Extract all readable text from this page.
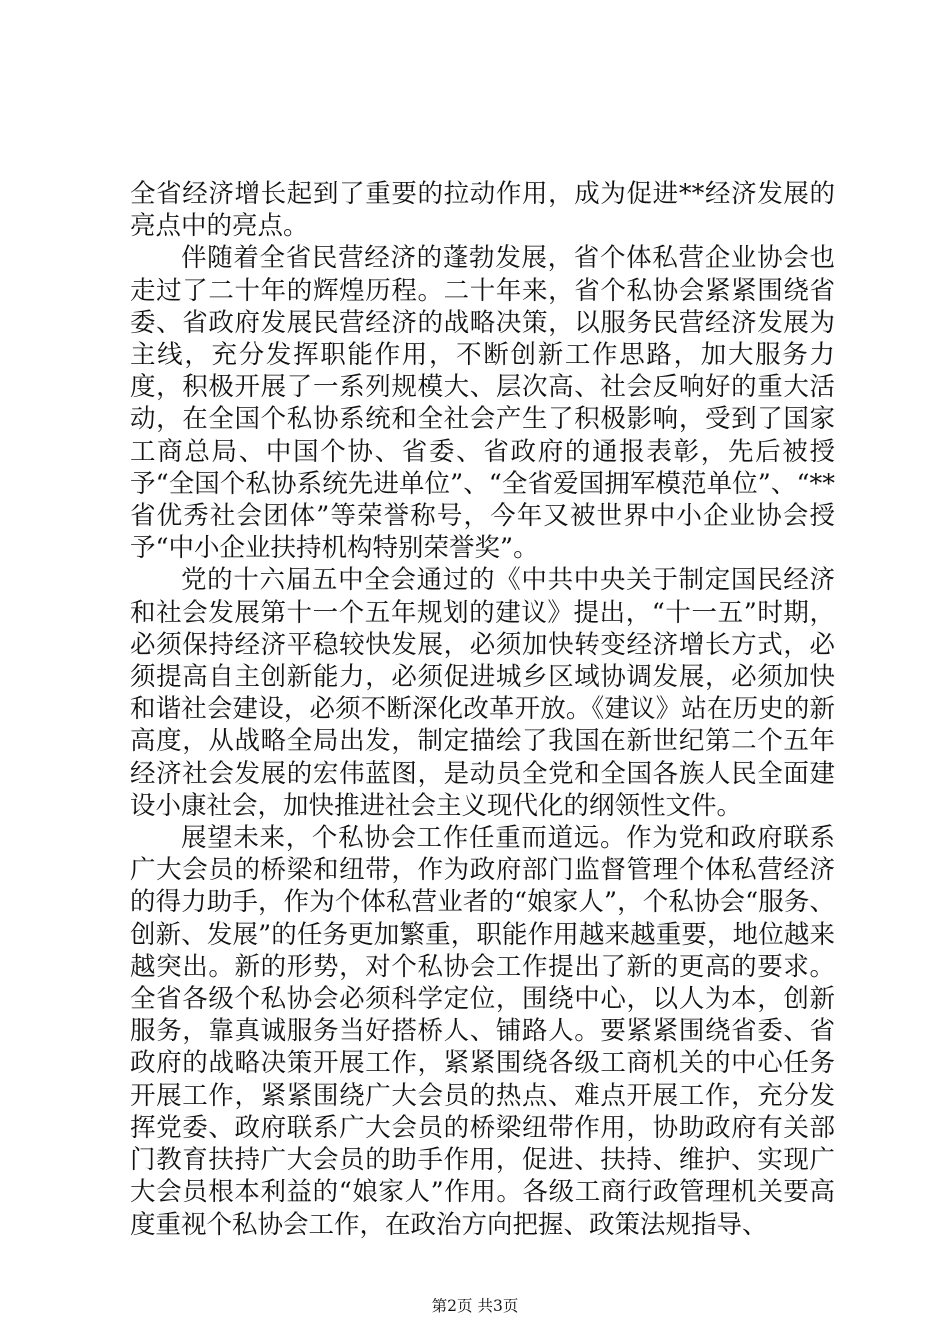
全省经济增长起到了重要的拉动作用，成为促进**经济发展的亮点中的亮点。

伴随着全省民营经济的蓬勃发展，省个体私营企业协会也走过了二十年的辉煌历程。二十年来，省个私协会紧紧围绕省委、省政府发展民营经济的战略决策，以服务民营经济发展为主线，充分发挥职能作用，不断创新工作思路，加大服务力度，积极开展了一系列规模大、层次高、社会反响好的重大活动，在全国个私协系统和全社会产生了积极影响，受到了国家工商总局、中国个协、省委、省政府的通报表彰，先后被授予“全国个私协系统先进单位”、“全省爱国拥军模范单位”、“**省优秀社会团体”等荣誉称号，今年又被世界中小企业协会授予“中小企业扶持机构特别荣誉奖”。

党的十六届五中全会通过的《中共中央关于制定国民经济和社会发展第十一个五年规划的建议》提出，“十一五”时期，必须保持经济平稳较快发展，必须加快转变经济增长方式，必须提高自主创新能力，必须促进城乡区域协调发展，必须加快和谐社会建设，必须不断深化改革开放。《建议》站在历史的新高度，从战略全局出发，制定描绘了我国在新世纪第二个五年经济社会发展的宏伟蓝图，是动员全党和全国各族人民全面建设小康社会，加快推进社会主义现代化的纲领性文件。

展望未来，个私协会工作任重而道远。作为党和政府联系广大会员的桥梁和纽带，作为政府部门监督管理个体私营经济的得力助手，作为个体私营业者的“娘家人”，个私协会“服务、创新、发展”的任务更加繁重，职能作用越来越重要，地位越来越突出。新的形势，对个私协会工作提出了新的更高的要求。全省各级个私协会必须科学定位，围绕中心，以人为本，创新服务，靠真诚服务当好搭桥人、铺路人。要紧紧围绕省委、省政府的战略决策开展工作，紧紧围绕各级工商机关的中心任务开展工作，紧紧围绕广大会员的热点、难点开展工作，充分发挥党委、政府联系广大会员的桥梁纽带作用，协助政府有关部门教育扶持广大会员的助手作用，促进、扶持、维护、实现广大会员根本利益的“娘家人”作用。各级工商行政管理机关要高度重视个私协会工作，在政治方向把握、政策法规指导、

第2页 共3页
